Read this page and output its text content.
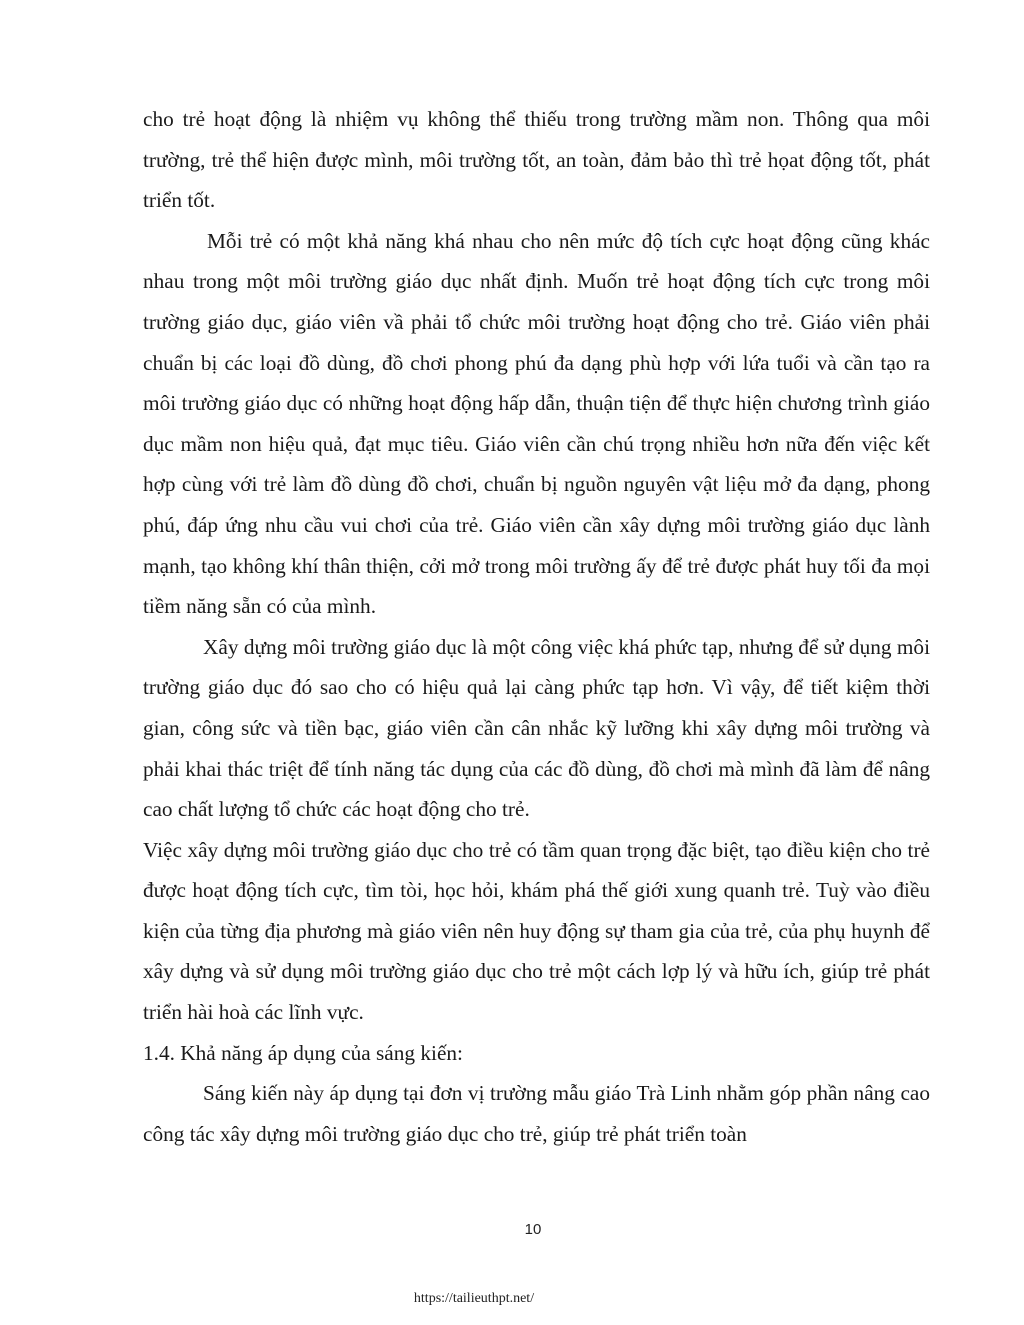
cho trẻ hoạt động là nhiệm vụ không thể thiếu trong trường mầm non. Thông qua môi trường, trẻ thể hiện được mình, môi trường tốt, an toàn, đảm bảo thì trẻ họat động tốt, phát triển tốt.

Mỗi trẻ có một khả năng khá nhau cho nên mức độ tích cực hoạt động cũng khác nhau trong một môi trường giáo dục nhất định. Muốn trẻ hoạt động tích cực trong môi trường giáo dục, giáo viên vầ phải tổ chức môi trường hoạt động cho trẻ. Giáo viên phải chuẩn bị các loại đồ dùng, đồ chơi phong phú đa dạng phù hợp với lứa tuổi và cần tạo ra môi trường giáo dục có những hoạt động hấp dẫn, thuận tiện để thực hiện chương trình giáo dục mầm non hiệu quả, đạt mục tiêu. Giáo viên cần chú trọng nhiều hơn nữa đến việc kết hợp cùng với trẻ làm đồ dùng đồ chơi, chuẩn bị nguồn nguyên vật liệu mở đa dạng, phong phú, đáp ứng nhu cầu vui chơi của trẻ. Giáo viên cần xây dựng môi trường giáo dục lành mạnh, tạo không khí thân thiện, cởi mở trong môi trường ấy để trẻ được phát huy tối đa mọi tiềm năng sẵn có của mình.

Xây dựng môi trường giáo dục là một công việc khá phức tạp, nhưng để sử dụng môi trường giáo dục đó sao cho có hiệu quả lại càng phức tạp hơn. Vì vậy, để tiết kiệm thời gian, công sức và tiền bạc, giáo viên cần cân nhắc kỹ lưỡng khi xây dựng môi trường và phải khai thác triệt để tính năng tác dụng của các đồ dùng, đồ chơi mà mình đã làm để nâng cao chất lượng tổ chức các hoạt động cho trẻ.

Việc xây dựng môi trường giáo dục cho trẻ có tầm quan trọng đặc biệt, tạo điều kiện cho trẻ được hoạt động tích cực, tìm tòi, học hỏi, khám phá thế giới xung quanh trẻ. Tuỳ vào điều kiện của từng địa phương mà giáo viên nên huy động sự tham gia của trẻ, của phụ huynh để xây dựng và sử dụng môi trường giáo dục cho trẻ một cách lợp lý và hữu ích, giúp trẻ phát triển hài hoà các lĩnh vực.

1.4. Khả năng áp dụng của sáng kiến:

Sáng kiến này áp dụng tại đơn vị trường mẫu giáo Trà Linh nhằm góp phần nâng cao công tác xây dựng môi trường giáo dục cho trẻ, giúp trẻ phát triển toàn

10
https://tailieuthpt.net/
